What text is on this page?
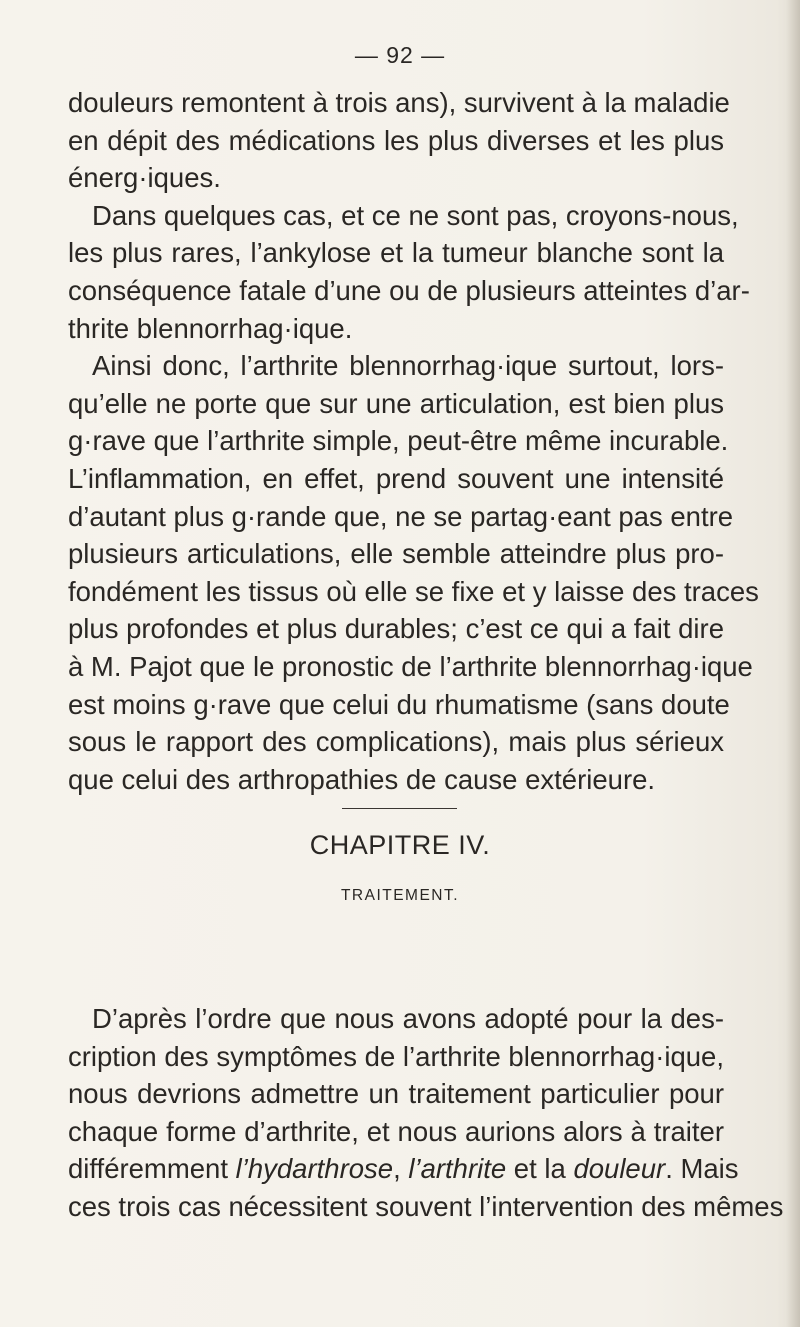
— 92 —
douleurs remontent à trois ans), survivent à la maladie
en dépit des médications les plus diverses et les plus
énerg·iques.
Dans quelques cas, et ce ne sont pas, croyons-nous,
les plus rares, l’ankylose et la tumeur blanche sont la
conséquence fatale d’une ou de plusieurs atteintes d’ar-
thrite blennorrhag·ique.
Ainsi donc, l’arthrite blennorrhag·ique surtout, lors-
qu’elle ne porte que sur une articulation, est bien plus
g·rave que l’arthrite simple, peut-être même incurable.
L’inflammation, en effet, prend souvent une intensité
d’autant plus g·rande que, ne se partag·eant pas entre
plusieurs articulations, elle semble atteindre plus pro-
fondément les tissus où elle se fixe et y laisse des traces
plus profondes et plus durables; c’est ce qui a fait dire
à M. Pajot que le pronostic de l’arthrite blennorrhag·ique
est moins g·rave que celui du rhumatisme (sans doute
sous le rapport des complications), mais plus sérieux
que celui des arthropathies de cause extérieure.
CHAPITRE IV.
TRAITEMENT.
D’après l’ordre que nous avons adopté pour la des-
cription des symptômes de l’arthrite blennorrhag·ique,
nous devrions admettre un traitement particulier pour
chaque forme d’arthrite, et nous aurions alors à traiter
différemment l’hydarthrose, l’arthrite et la douleur. Mais
ces trois cas nécessitent souvent l’intervention des mêmes
